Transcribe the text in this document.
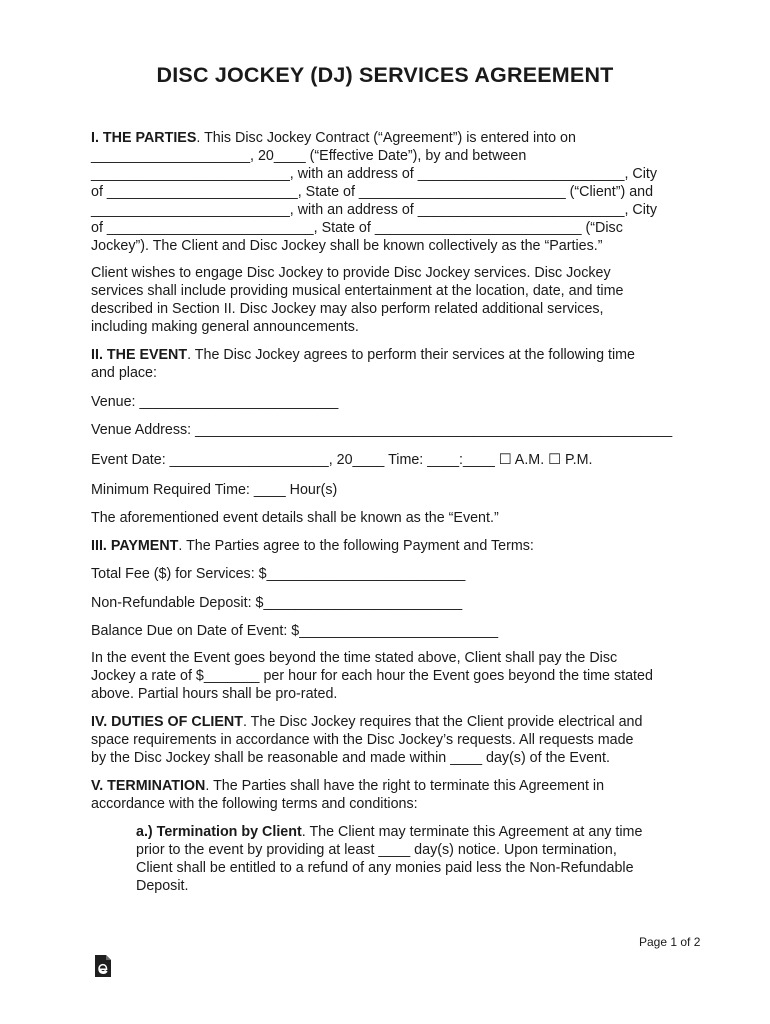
DISC JOCKEY (DJ) SERVICES AGREEMENT

I. THE PARTIES. This Disc Jockey Contract (“Agreement”) is entered into on

____________________, 20____ (“Effective Date”), by and between

_________________________, with an address of __________________________, City

of ________________________, State of __________________________ (“Client”) and

_________________________, with an address of __________________________, City

of __________________________, State of __________________________ (“Disc

Jockey”). The Client and Disc Jockey shall be known collectively as the “Parties.”

Client wishes to engage Disc Jockey to provide Disc Jockey services. Disc Jockey

services shall include providing musical entertainment at the location, date, and time

described in Section II. Disc Jockey may also perform related additional services,

including making general announcements.

II. THE EVENT. The Disc Jockey agrees to perform their services at the following time

and place:

Venue: _________________________

Venue Address: ____________________________________________________________

Event Date: ____________________, 20____ Time: ____:____ ☐ A.M. ☐ P.M.

Minimum Required Time: ____ Hour(s)

The aforementioned event details shall be known as the “Event.”

III. PAYMENT. The Parties agree to the following Payment and Terms:

Total Fee ($) for Services: $_________________________

Non-Refundable Deposit: $_________________________

Balance Due on Date of Event: $_________________________

In the event the Event goes beyond the time stated above, Client shall pay the Disc

Jockey a rate of $_______ per hour for each hour the Event goes beyond the time stated

above. Partial hours shall be pro-rated.

IV. DUTIES OF CLIENT. The Disc Jockey requires that the Client provide electrical and

space requirements in accordance with the Disc Jockey’s requests. All requests made

by the Disc Jockey shall be reasonable and made within ____ day(s) of the Event.

V. TERMINATION. The Parties shall have the right to terminate this Agreement in

accordance with the following terms and conditions:

a.) Termination by Client. The Client may terminate this Agreement at any time

prior to the event by providing at least ____ day(s) notice. Upon termination,

Client shall be entitled to a refund of any monies paid less the Non-Refundable

Deposit.

Page 1 of 2
